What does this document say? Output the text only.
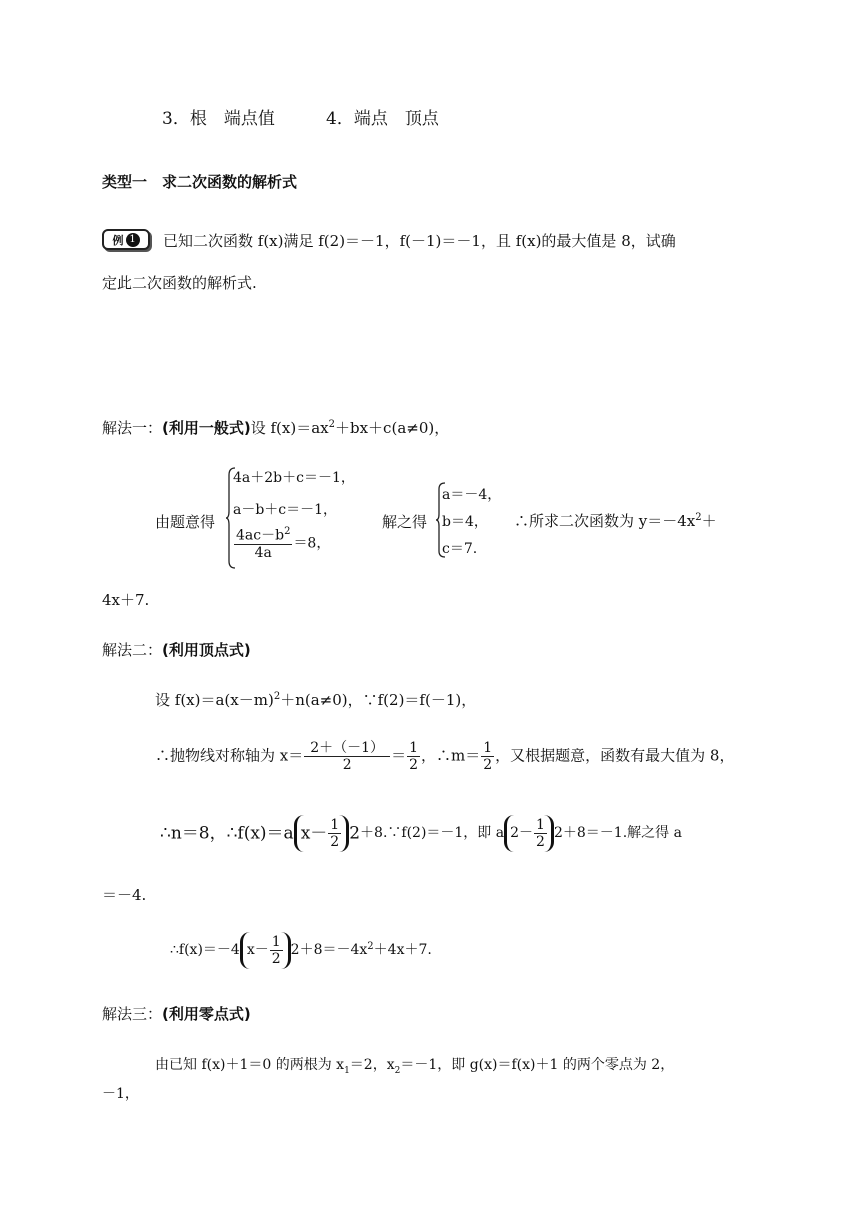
3．根　端点值	4．端点　顶点
类型一　求二次函数的解析式
例 1 已知二次函数 f(x)满足 f(2)＝－1，f(－1)＝－1，且 f(x)的最大值是 8，试确
定此二次函数的解析式.
解法一：(利用一般式)设 $f(x)=ax^2+bx+c(a\ne 0)$，
由题意得
4a＋2b＋c＝－1，
a－b＋c＝－1，
$\frac{4ac-b^2}{4a} =8$，
解之得
a＝－4，
b＝4，
c＝7.
∴所求二次函数为 $y=-4x^2+$
4x＋7.
解法二：(利用顶点式)
设 $f(x)=a(x-m)^2+n(a\ne 0)$，∵f(2)＝f(－1)，
∴抛物线对称轴为 $x= \frac{2+(-1)}{2} = \frac{1}{2}$ ，∴m＝ $\frac{1}{2}$ ，又根据题意，函数有最大值为 8，
∴n＝8，∴f(x)＝a $x- \frac{1}{2}$ 2＋8.∵f(2)＝－1，即 a $2- \frac{1}{2} 2+8=-1$.解之得 a
＝－4.
∴f(x)＝－4 $x- \frac{1}{2} 2+8=-4x^2+4x+7$.
解法三：(利用零点式)
由已知 f(x)＋1＝0 的两根为 $x_1=2$，$x_2=-1$，即 g(x)＝f(x)＋1 的两个零点为 2，
－1，
